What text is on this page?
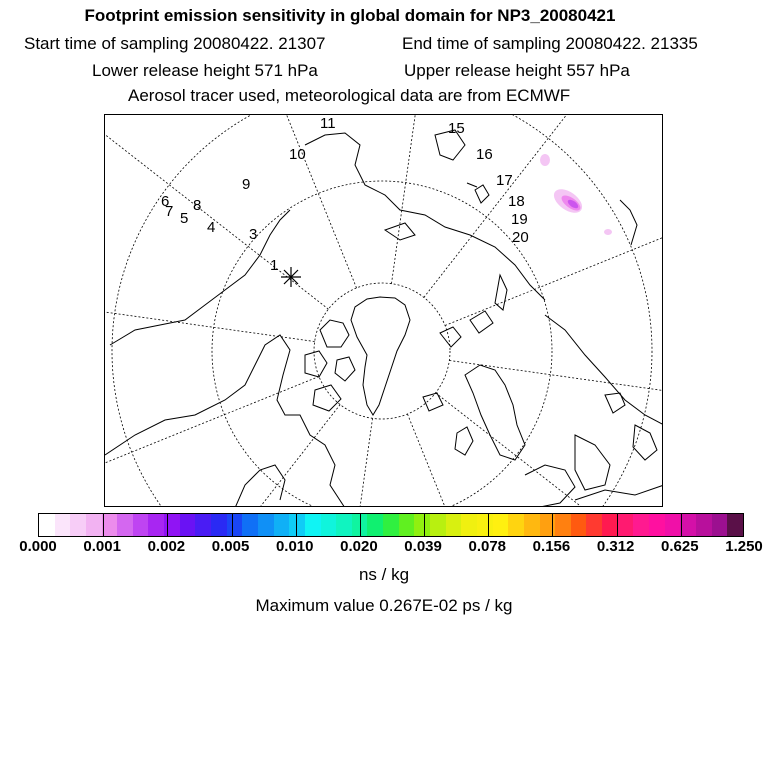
Footprint emission sensitivity in global domain for NP3_20080421
Start time of sampling 20080422. 21307	End time of sampling 20080422. 21335
Lower release height 571 hPa	Upper release height 557 hPa
Aerosol tracer used, meteorological data are from ECMWF
1
3
4
5
6
7 8
9
10
11	15
16
17
18
19
20
0.000 0.001 0.002 0.005 0.010 0.020 0.039 0.078 0.156 0.312 0.625 1.250
ns / kg
Maximum value 0.267E-02 ps / kg
